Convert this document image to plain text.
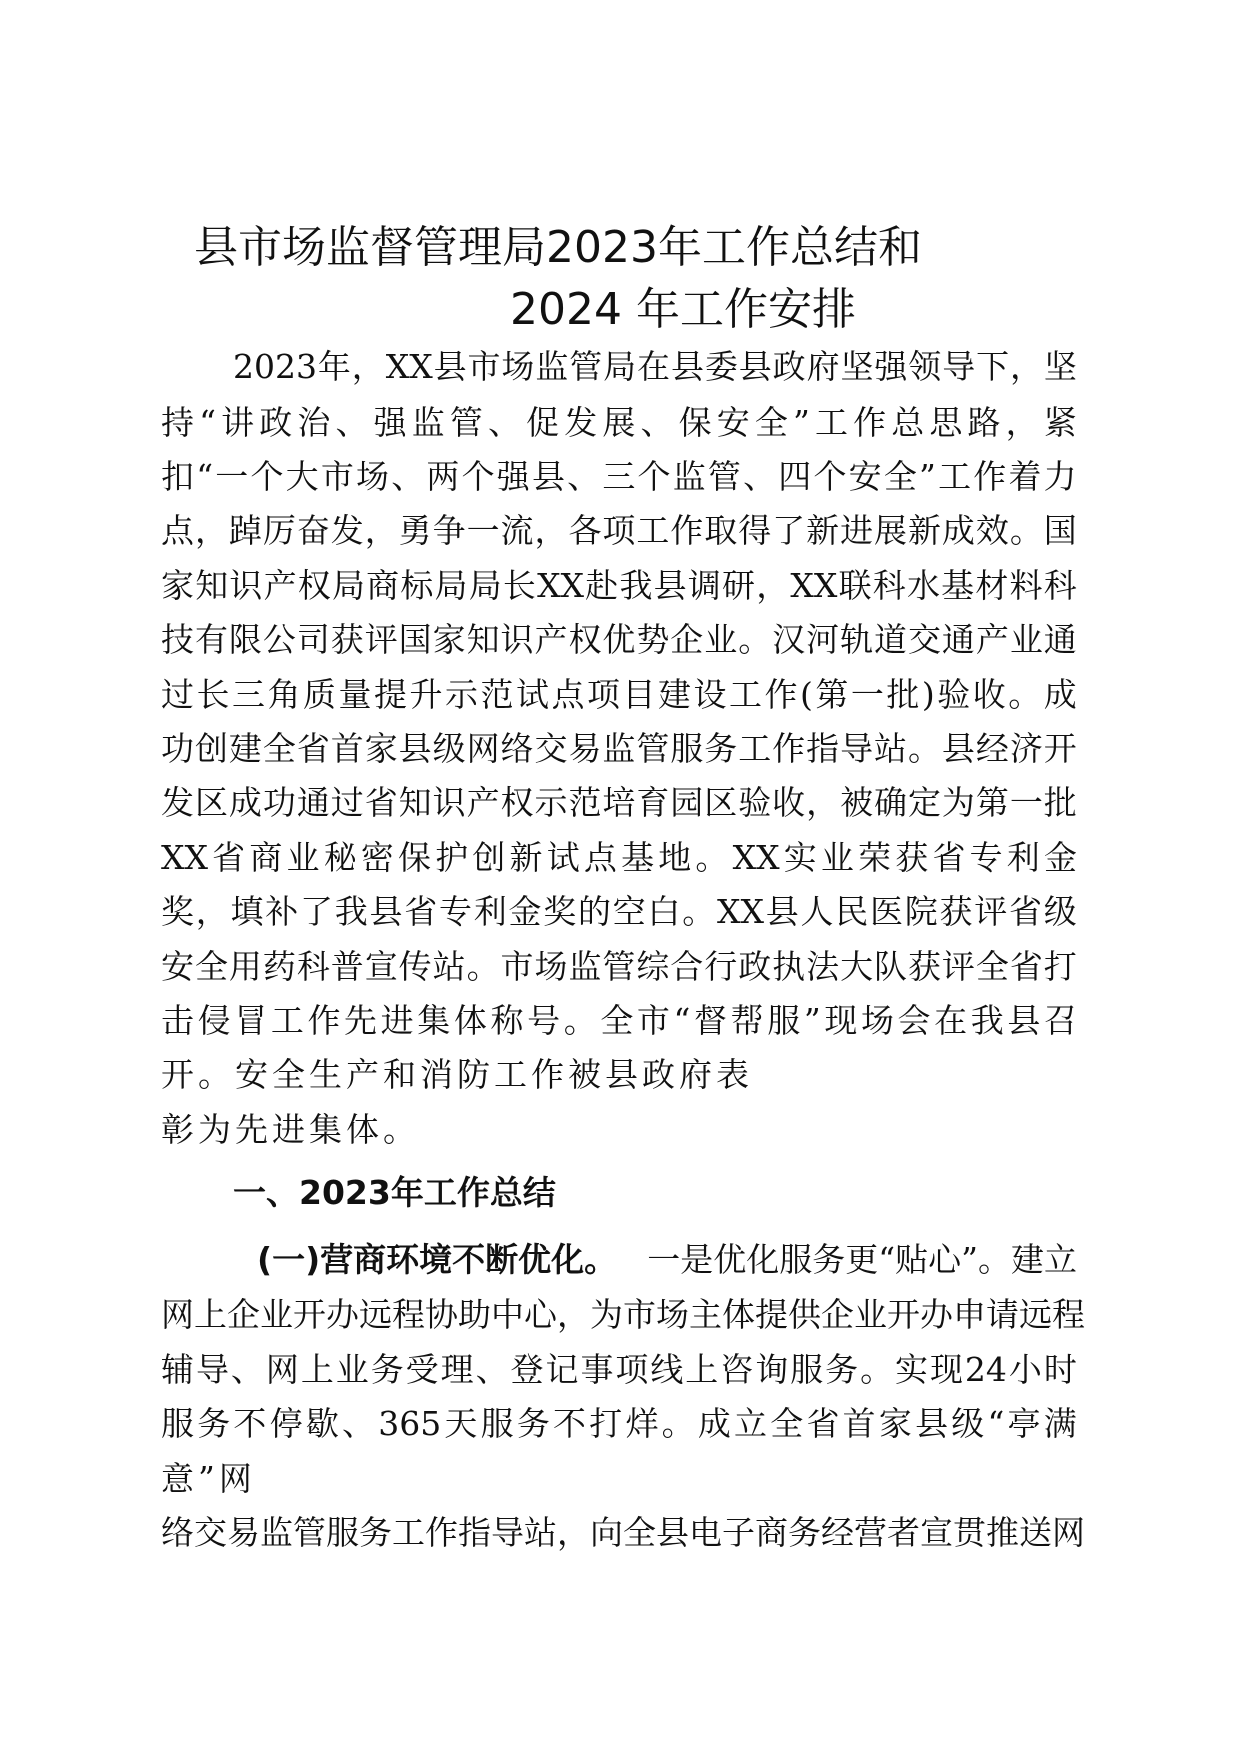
县市场监督管理局2023年工作总结和
2024 年工作安排
2023 年 ， XX 县 市 场 监 管 局 在 县 委 县 政 府 坚 强 领 导 下 ， 坚
持 “ 讲 政 治 、 强 监 管 、 促 发 展 、 保 安 全 ” 工 作 总 思 路 ， 紧
扣 “ 一 个 大 市 场 、 两 个 强 县 、 三 个 监 管 、 四 个 安 全 ” 工 作 着 力
点 ， 踔 厉 奋 发 ， 勇 争 一 流 ， 各 项 工 作 取 得 了 新 进 展 新 成 效 。 国
家 知 识 产 权 局 商 标 局 局 长 XX 赴 我 县 调 研 ， XX 联 科 水 基 材 料 科
技 有 限 公 司 获 评 国 家 知 识 产 权 优 势 企 业 。 汉 河 轨 道 交 通 产 业 通
过 长 三 角 质 量 提 升 示 范 试 点 项 目 建 设 工 作 ( 第 一 批 ) 验 收 。 成
功 创 建 全 省 首 家 县 级 网 络 交 易 监 管 服 务 工 作 指 导 站 。 县 经 济 开
发 区 成 功 通 过 省 知 识 产 权 示 范 培 育 园 区 验 收 ， 被 确 定 为 第 一 批
XX 省 商 业 秘 密 保 护 创 新 试 点 基 地 。 XX 实 业 荣 获 省 专 利 金
奖 ， 填 补 了 我 县 省 专 利 金 奖 的 空 白 。 XX 县 人 民 医 院 获 评 省 级
安 全 用 药 科 普 宣 传 站 。 市 场 监 管 综 合 行 政 执 法 大 队 获 评 全 省 打
击 侵 冒 工 作 先 进 集 体 称 号 。 全 市 “ 督 帮 服 ” 现 场 会 在 我 县 召
开。安全生产和消防工作被县政府表
彰为先进集体。
一、2023年工作总结
(一)营商环境不断优化。 一是优化服务更“贴心”。建立
网 上 企 业 开 办 远 程 协 助 中 心 ， 为 市 场 主 体 提 供 企 业 开 办 申 请 远 程
辅 导 、 网 上 业 务 受 理 、 登 记 事 项 线 上 咨 询 服 务 。 实 现 24 小 时
服 务 不 停 歇 、 365 天 服 务 不 打 烊 。 成 立 全 省 首 家 县 级 “ 亭 满
意”网
络 交 易 监 管 服 务 工 作 指 导 站 ， 向 全 县 电 子 商 务 经 营 者 宣 贯 推 送 网
